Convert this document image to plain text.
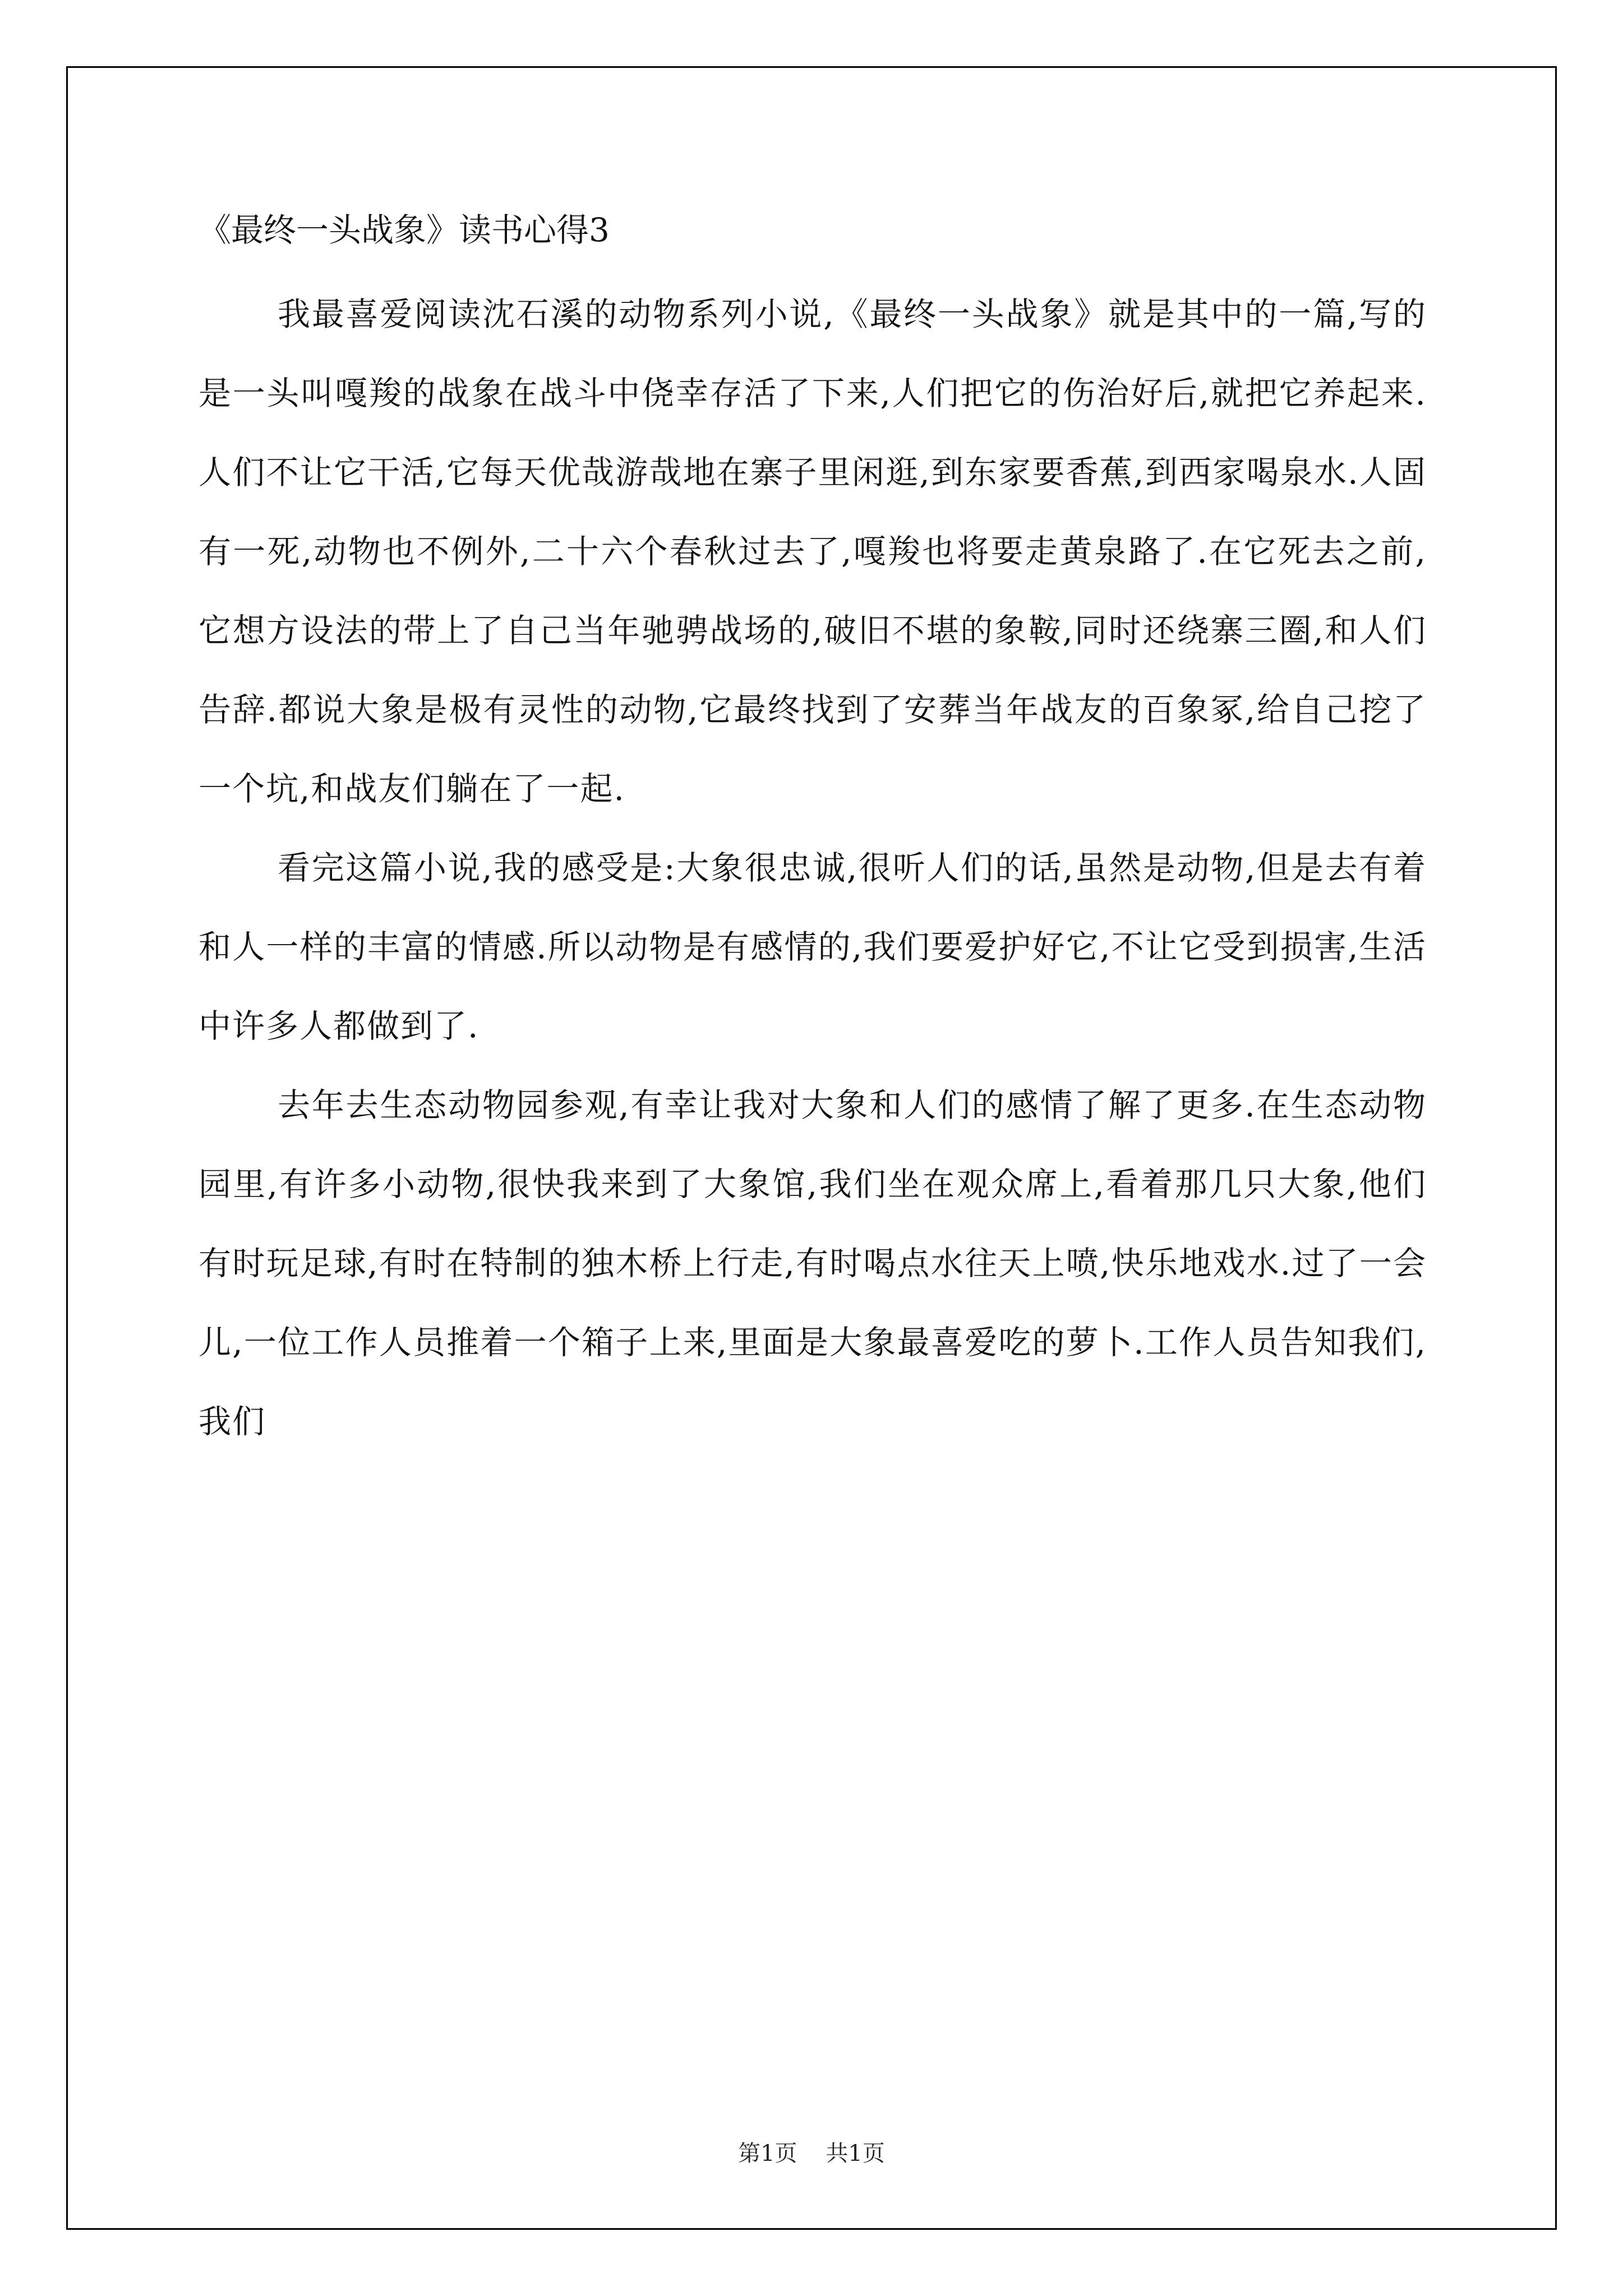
《最终一头战象》读书心得3

我最喜爱阅读沈石溪的动物系列小说,《最终一头战象》就是其中的一篇,写的是一头叫嘎羧的战象在战斗中侥幸存活了下来,人们把它的伤治好后,就把它养起来.人们不让它干活,它每天优哉游哉地在寨子里闲逛,到东家要香蕉,到西家喝泉水.人固有一死,动物也不例外,二十六个春秋过去了,嘎羧也将要走黄泉路了.在它死去之前,它想方设法的带上了自己当年驰骋战场的,破旧不堪的象鞍,同时还绕寨三圈,和人们告辞.都说大象是极有灵性的动物,它最终找到了安葬当年战友的百象冢,给自己挖了一个坑,和战友们躺在了一起.

看完这篇小说,我的感受是:大象很忠诚,很听人们的话,虽然是动物,但是去有着和人一样的丰富的情感.所以动物是有感情的,我们要爱护好它,不让它受到损害,生活中许多人都做到了.

去年去生态动物园参观,有幸让我对大象和人们的感情了解了更多.在生态动物园里,有许多小动物,很快我来到了大象馆,我们坐在观众席上,看着那几只大象,他们有时玩足球,有时在特制的独木桥上行走,有时喝点水往天上喷,快乐地戏水.过了一会儿,一位工作人员推着一个箱子上来,里面是大象最喜爱吃的萝卜.工作人员告知我们,我们

第1页 共1页
